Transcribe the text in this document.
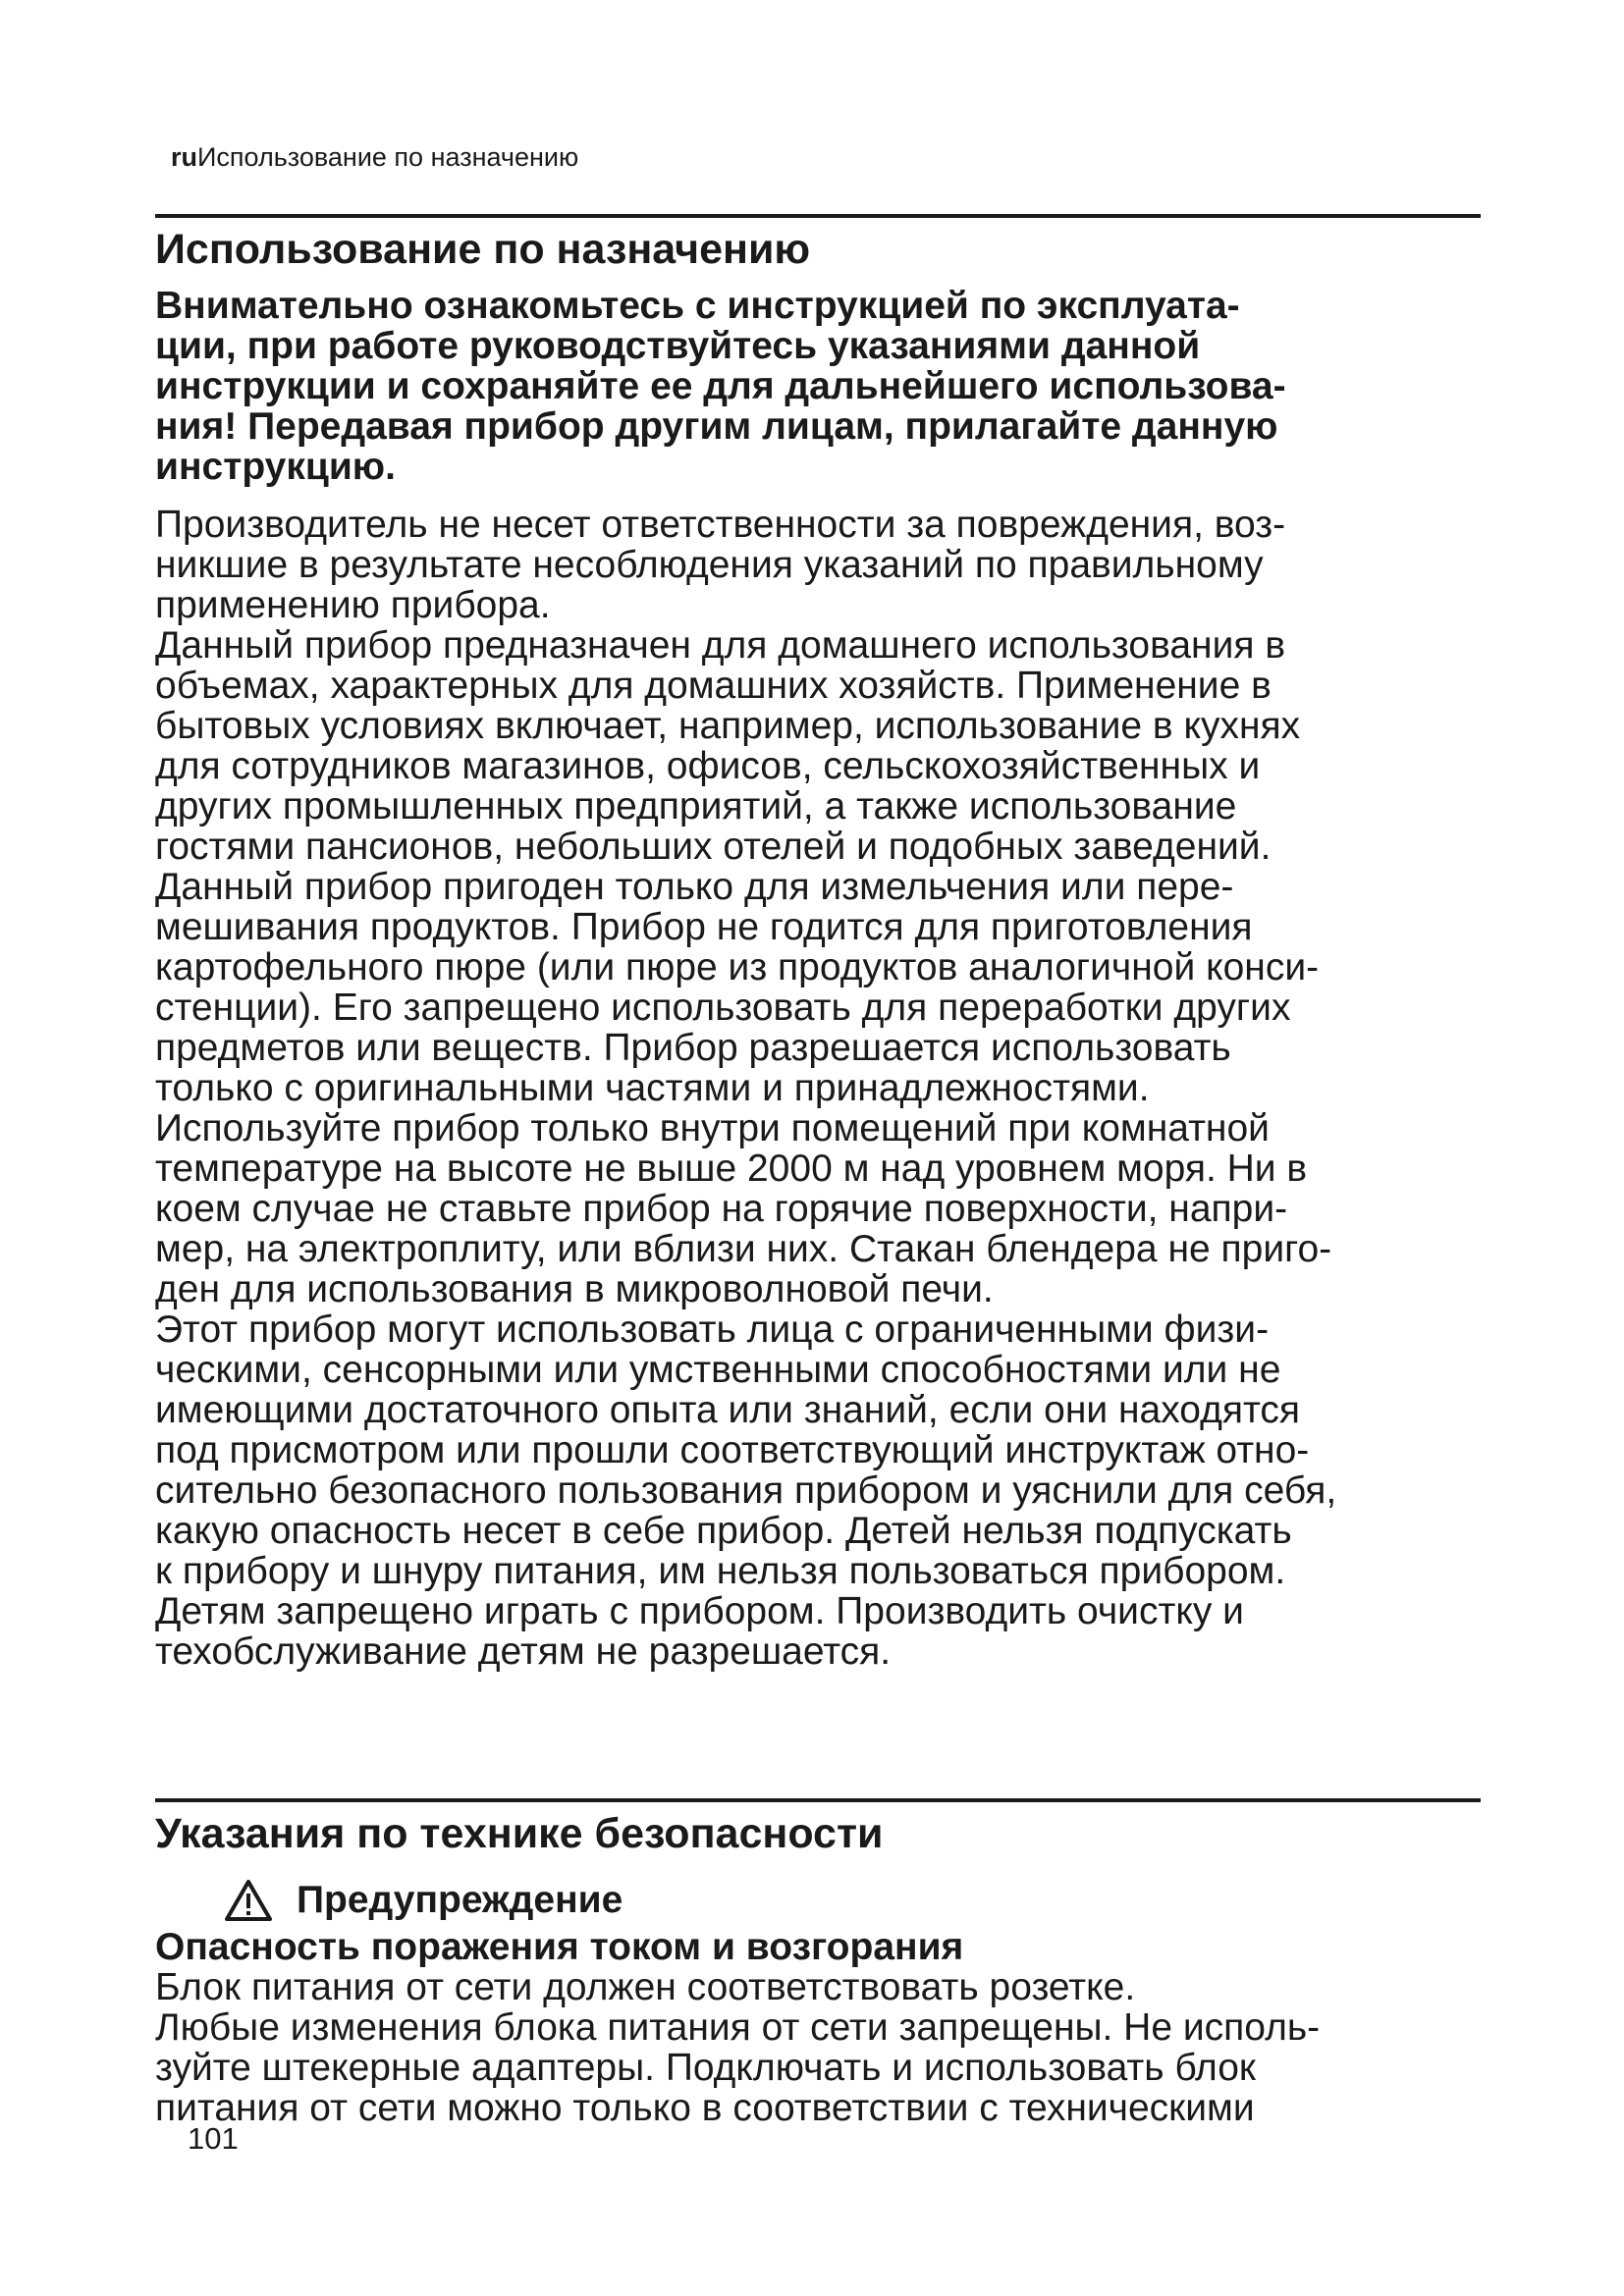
ruИспользование по назначению
Использование по назначению
Внимательно ознакомьтесь с инструкцией по эксплуата-
ции, при работе руководствуйтесь указаниями данной
инструкции и сохраняйте ее для дальнейшего использова-
ния! Передавая прибор другим лицам, прилагайте данную
инструкцию.
Производитель не несет ответственности за повреждения, воз-
никшие в результате несоблюдения указаний по правильному
применению прибора.
Данный прибор предназначен для домашнего использования в
объемах, характерных для домашних хозяйств. Применение в
бытовых условиях включает, например, использование в кухнях
для сотрудников магазинов, офисов, сельскохозяйственных и
других промышленных предприятий, а также использование
гостями пансионов, небольших отелей и подобных заведений.
Данный прибор пригоден только для измельчения или пере-
мешивания продуктов. Прибор не годится для приготовления
картофельного пюре (или пюре из продуктов аналогичной конси-
стенции). Его запрещено использовать для переработки других
предметов или веществ. Прибор разрешается использовать
только с оригинальными частями и принадлежностями.
Используйте прибор только внутри помещений при комнатной
температуре на высоте не выше 2000 м над уровнем моря. Ни в
коем случае не ставьте прибор на горячие поверхности, напри-
мер, на электроплиту, или вблизи них. Стакан блендера не приго-
ден для использования в микроволновой печи.
Этот прибор могут использовать лица с ограниченными физи-
ческими, сенсорными или умственными способностями или не
имеющими достаточного опыта или знаний, если они находятся
под присмотром или прошли соответствующий инструктаж отно-
сительно безопасного пользования прибором и уяснили для себя,
какую опасность несет в себе прибор. Детей нельзя подпускать
к прибору и шнуру питания, им нельзя пользоваться прибором.
Детям запрещено играть с прибором. Производить очистку и
техобслуживание детям не разрешается.
Указания по технике безопасности
Предупреждение
Опасность поражения током и возгорания
Блок питания от сети должен соответствовать розетке.
Любые изменения блока питания от сети запрещены. Не исполь-
зуйте штекерные адаптеры. Подключать и использовать блок
питания от сети можно только в соответствии с техническими
101
